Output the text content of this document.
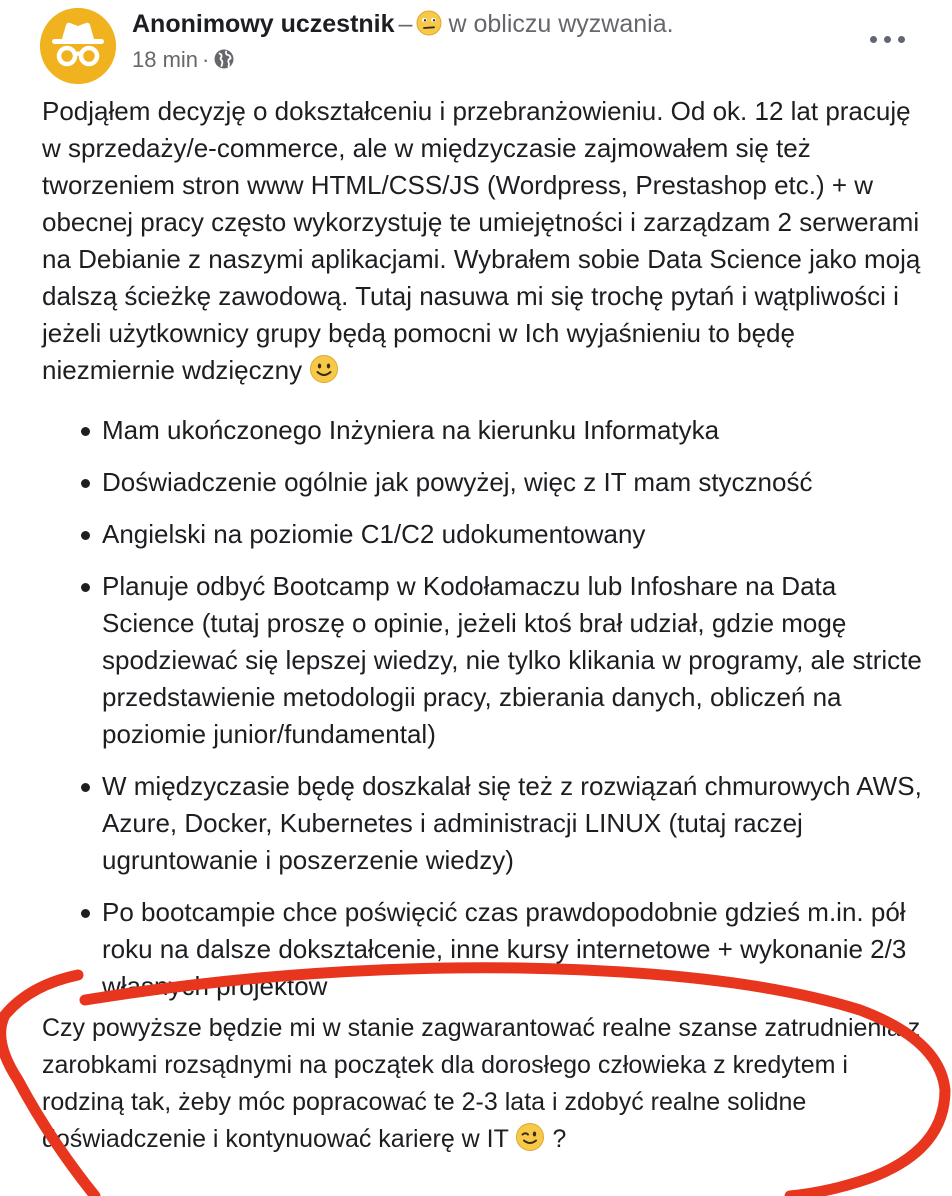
Anonimowy uczestnik – w obliczu wyzwania.
18 min ·

Podjąłem decyzję o dokształceniu i przebranżowieniu. Od ok. 12 lat pracuję w sprzedaży/e-commerce, ale w międzyczasie zajmowałem się też tworzeniem stron www HTML/CSS/JS (Wordpress, Prestashop etc.) + w obecnej pracy często wykorzystuję te umiejętności i zarządzam 2 serwerami na Debianie z naszymi aplikacjami. Wybrałem sobie Data Science jako moją dalszą ścieżkę zawodową. Tutaj nasuwa mi się trochę pytań i wątpliwości i jeżeli użytkownicy grupy będą pomocni w Ich wyjaśnieniu to będę niezmiernie wdzięczny

Mam ukończonego Inżyniera na kierunku Informatyka
Doświadczenie ogólnie jak powyżej, więc z IT mam styczność
Angielski na poziomie C1/C2 udokumentowany
Planuje odbyć Bootcamp w Kodołamaczu lub Infoshare na Data Science (tutaj proszę o opinie, jeżeli ktoś brał udział, gdzie mogę spodziewać się lepszej wiedzy, nie tylko klikania w programy, ale stricte przedstawienie metodologii pracy, zbierania danych, obliczeń na poziomie junior/fundamental)
W międzyczasie będę doszkalał się też z rozwiązań chmurowych AWS, Azure, Docker, Kubernetes i administracji LINUX (tutaj raczej ugruntowanie i poszerzenie wiedzy)
Po bootcampie chce poświęcić czas prawdopodobnie gdzieś m.in. pół roku na dalsze dokształcenie, inne kursy internetowe + wykonanie 2/3 własnych projektów
Czy powyższe będzie mi w stanie zagwarantować realne szanse zatrudnienia z zarobkami rozsądnymi na początek dla dorosłego człowieka z kredytem i rodziną tak, żeby móc popracować te 2-3 lata i zdobyć realne solidne doświadczenie i kontynuować karierę w IT ?
